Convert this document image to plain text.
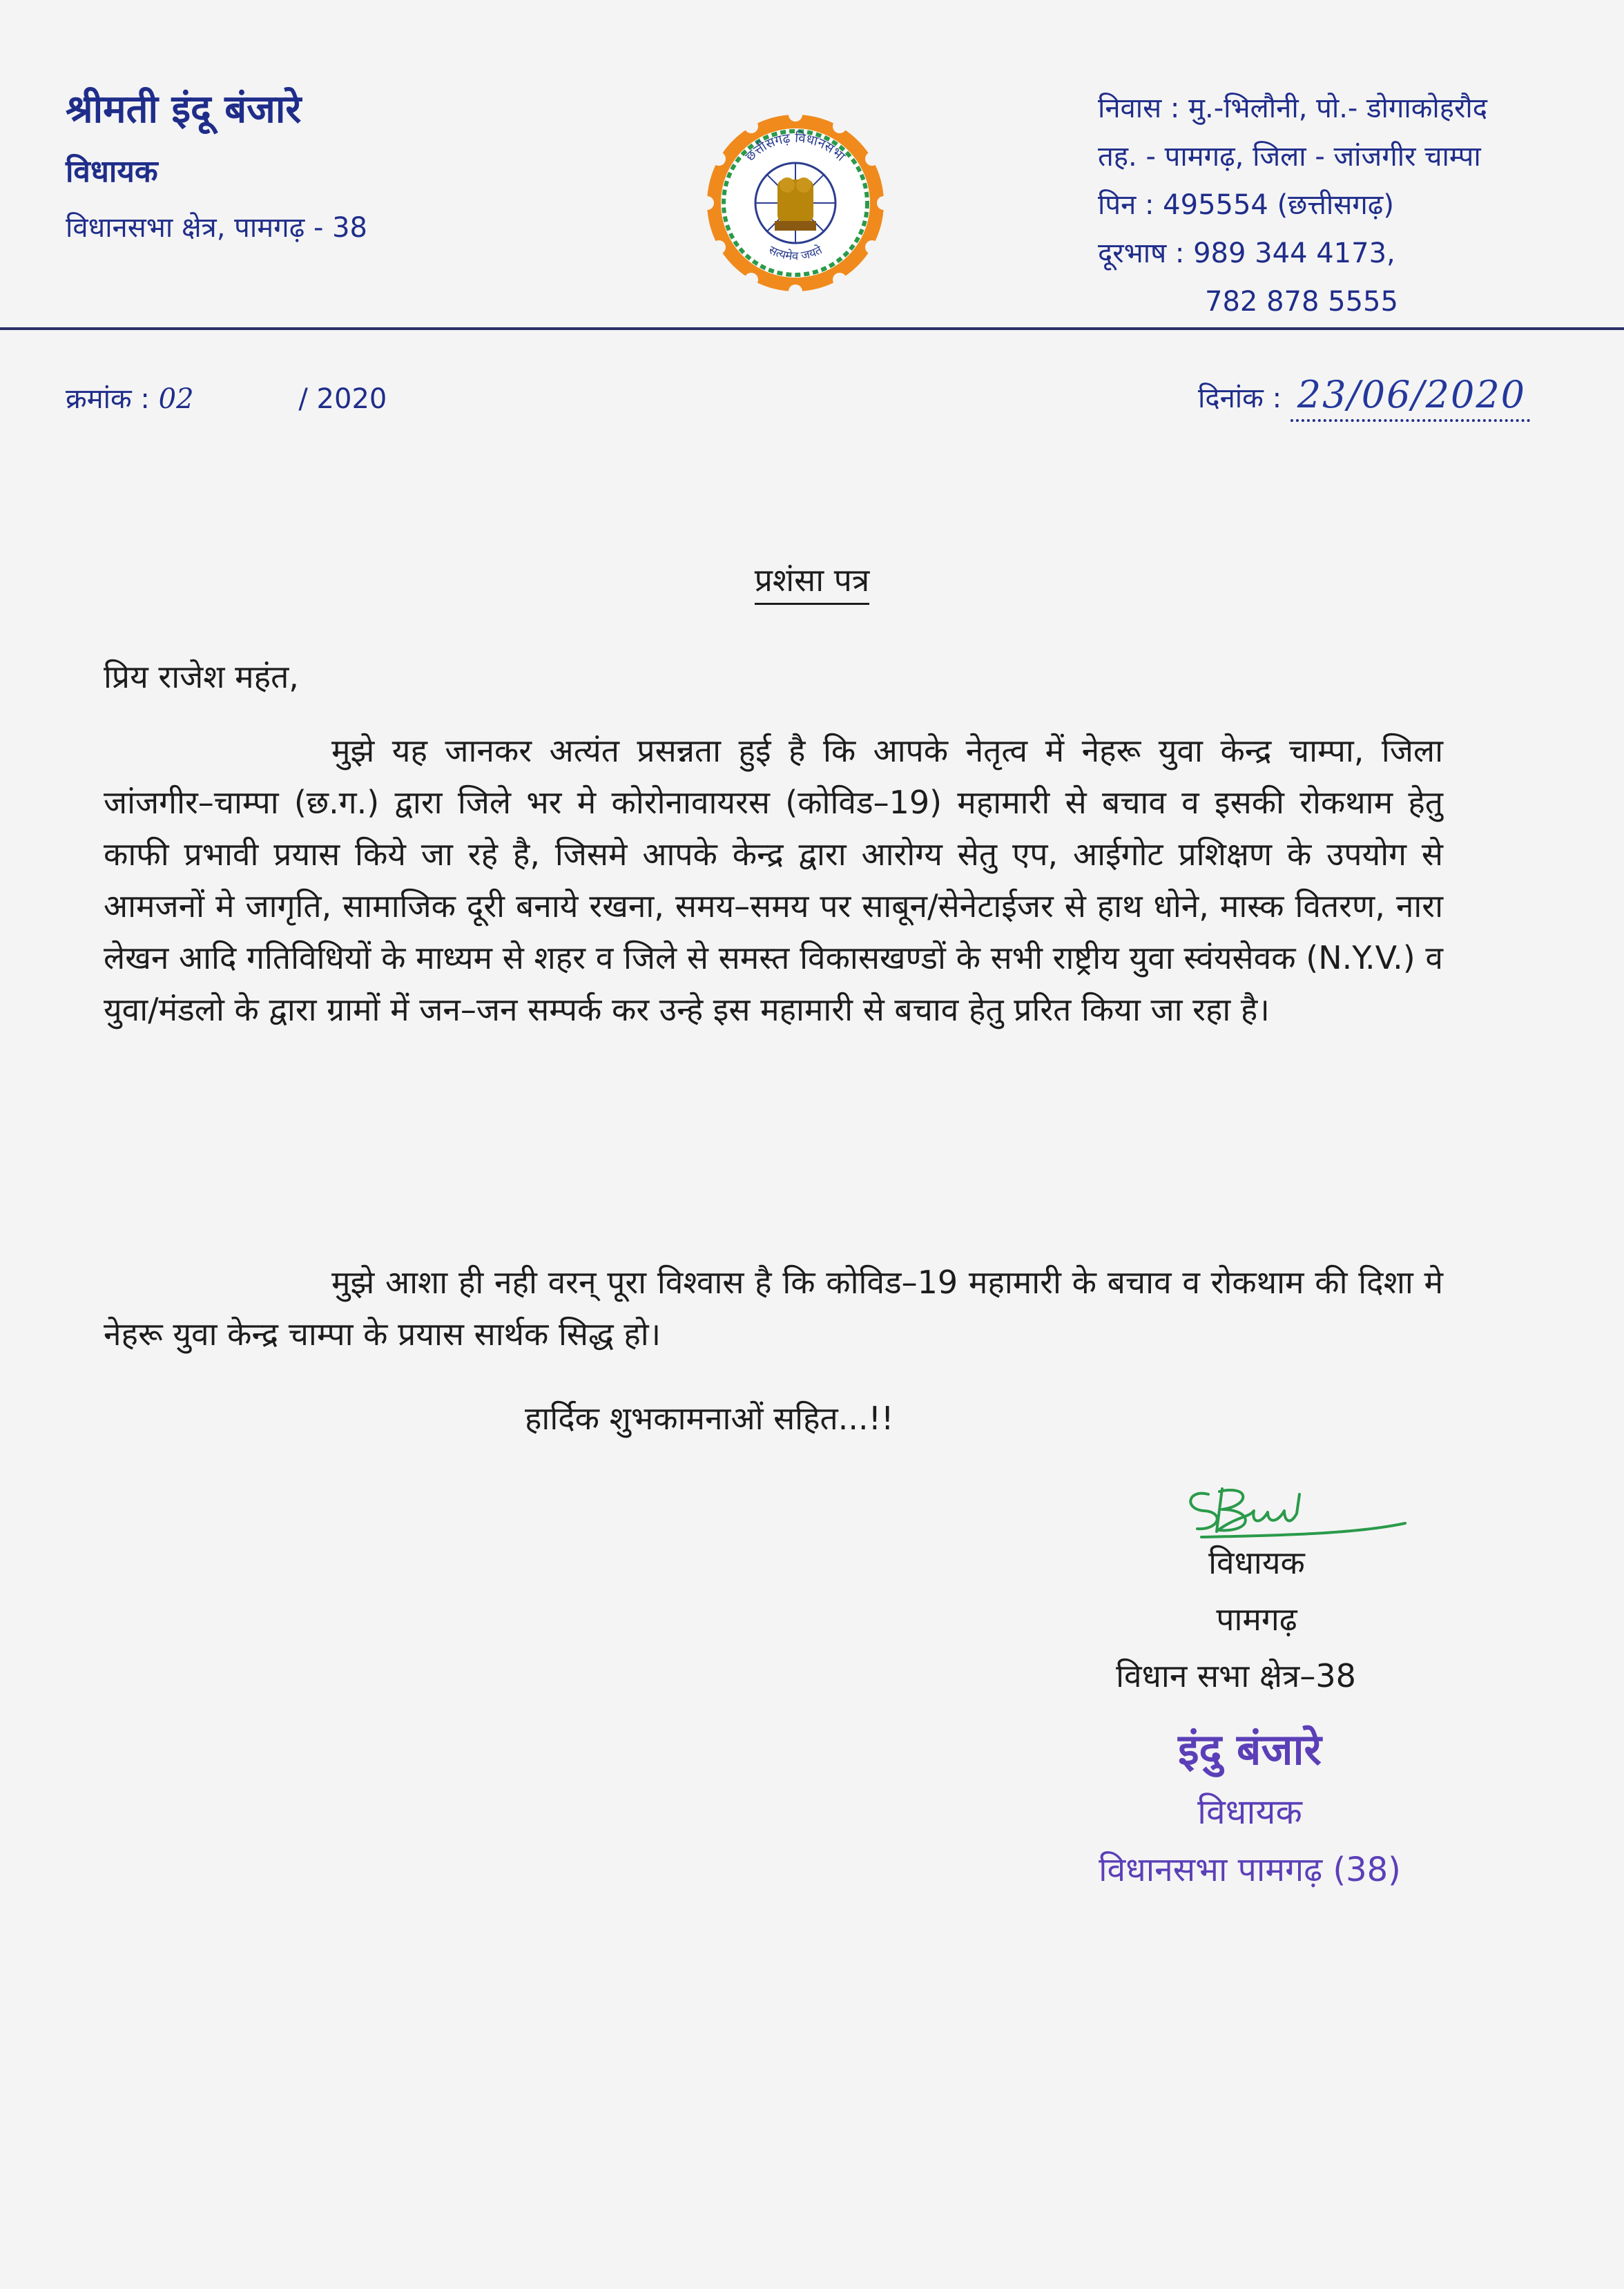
श्रीमती इंदू बंजारे
विधायक
विधानसभा क्षेत्र, पामगढ़ - 38
छत्तीसगढ़ विधानसभा
सत्यमेव जयते
निवास : मु.-भिलौनी, पो.- डोगाकोहरौद
तह. - पामगढ़, जिला - जांजगीर चाम्पा
पिन : 495554 (छत्तीसगढ़)
दूरभाष : 989 344 4173,
782 878 5555
क्रमांक : 02	/ 2020	दिनांक : 23/06/2020
प्रशंसा पत्र
प्रिय राजेश महंत,
मुझे यह जानकर अत्यंत प्रसन्नता हुई है कि आपके नेतृत्व में नेहरू युवा केन्द्र चाम्पा, जिला जांजगीर–चाम्पा (छ.ग.) द्वारा जिले भर मे कोरोनावायरस (कोविड–19) महामारी से बचाव व इसकी रोकथाम हेतु काफी प्रभावी प्रयास किये जा रहे है, जिसमे आपके केन्द्र द्वारा आरोग्य सेतु एप, आईगोट प्रशिक्षण के उपयोग से आमजनों मे जागृति, सामाजिक दूरी बनाये रखना, समय–समय पर साबून/सेनेटाईजर से हाथ धोने, मास्क वितरण, नारा लेखन आदि गतिविधियों के माध्यम से शहर व जिले से समस्त विकासखण्डों के सभी राष्ट्रीय युवा स्वंयसेवक (N.Y.V.) व युवा/मंडलो के द्वारा ग्रामों में जन–जन सम्पर्क कर उन्हे इस महामारी से बचाव हेतु प्ररित किया जा रहा है।
मुझे आशा ही नही वरन् पूरा विश्वास है कि कोविड–19 महामारी के बचाव व रोकथाम की दिशा मे नेहरू युवा केन्द्र चाम्पा के प्रयास सार्थक सिद्ध हो।
हार्दिक शुभकामनाओं सहित...!!
विधायक
पामगढ़
विधान सभा क्षेत्र–38
इंदु बंजारे
विधायक
विधानसभा पामगढ़ (38)
